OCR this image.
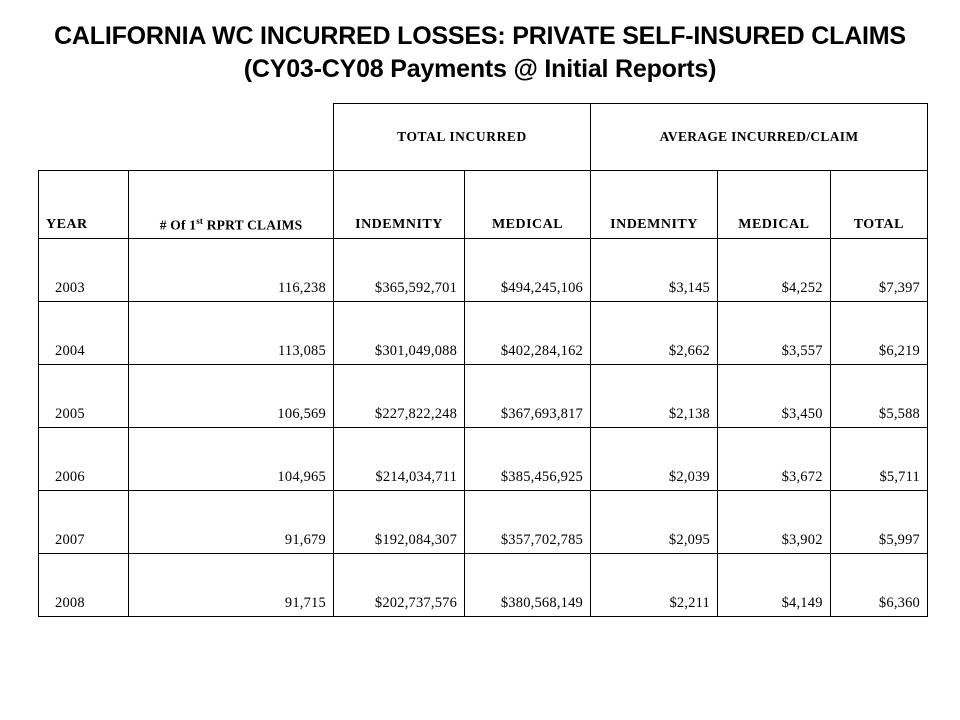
CALIFORNIA WC INCURRED LOSSES: PRIVATE SELF-INSURED CLAIMS
(CY03-CY08 Payments @ Initial Reports)
		TOTAL INCURRED		AVERAGE INCURRED/CLAIM		
YEAR	# Of 1st RPRT CLAIMS	INDEMNITY	MEDICAL	INDEMNITY	MEDICAL	TOTAL
2003	116,238	$365,592,701	$494,245,106	$3,145	$4,252	$7,397
2004	113,085	$301,049,088	$402,284,162	$2,662	$3,557	$6,219
2005	106,569	$227,822,248	$367,693,817	$2,138	$3,450	$5,588
2006	104,965	$214,034,711	$385,456,925	$2,039	$3,672	$5,711
2007	91,679	$192,084,307	$357,702,785	$2,095	$3,902	$5,997
2008	91,715	$202,737,576	$380,568,149	$2,211	$4,149	$6,360
